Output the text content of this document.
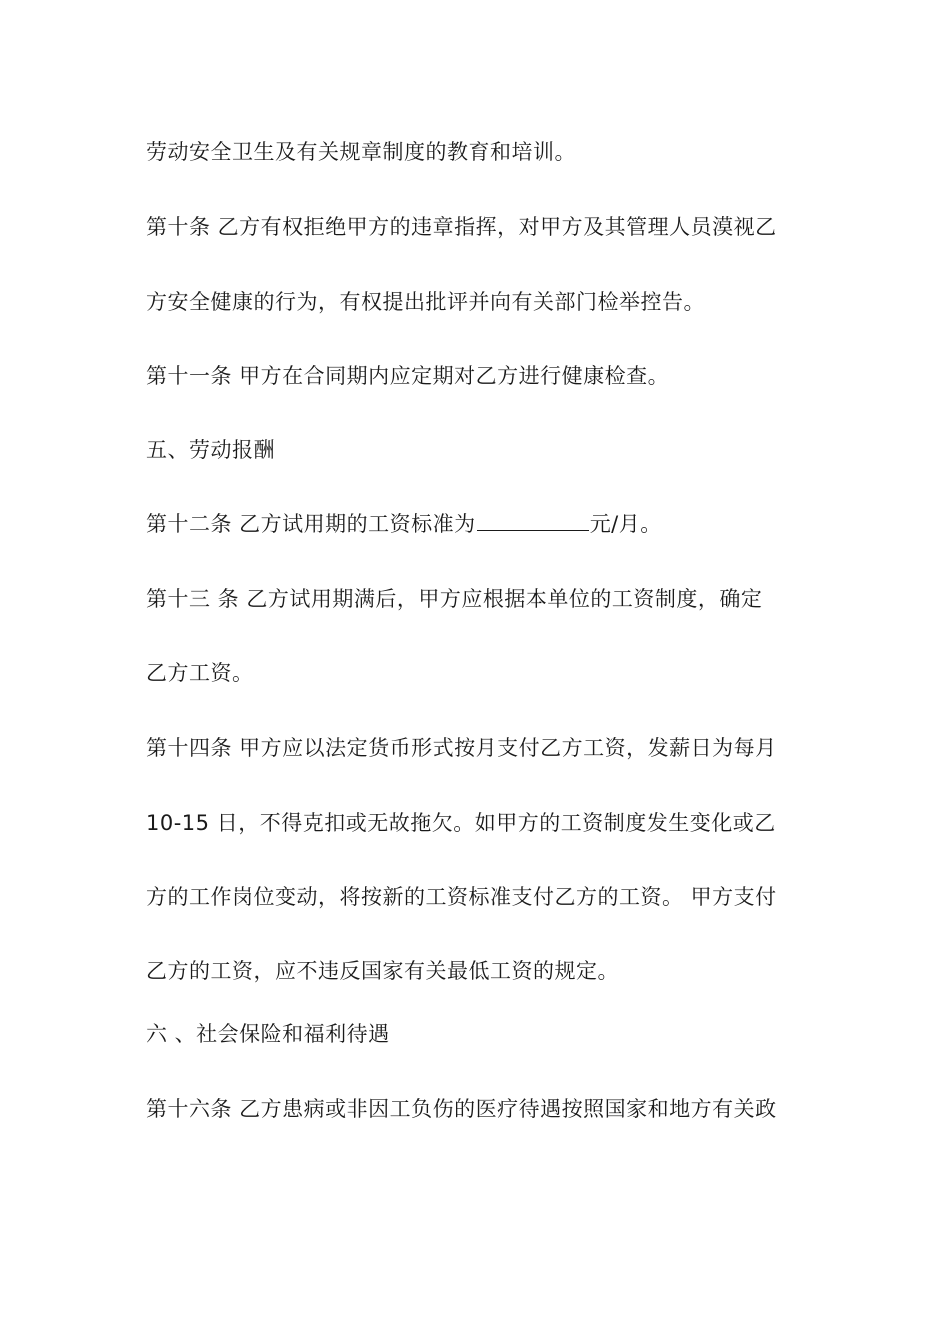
劳动安全卫生及有关规章制度的教育和培训。

第十条 乙方有权拒绝甲方的违章指挥，对甲方及其管理人员漠视乙

方安全健康的行为，有权提出批评并向有关部门检举控告。

第十一条 甲方在合同期内应定期对乙方进行健康检查。

五、劳动报酬

第十二条 乙方试用期的工资标准为	元/月。

第十三 条 乙方试用期满后，甲方应根据本单位的工资制度，确定

乙方工资。

第十四条 甲方应以法定货币形式按月支付乙方工资，发薪日为每月

10-15 日，不得克扣或无故拖欠。如甲方的工资制度发生变化或乙

方的工作岗位变动，将按新的工资标准支付乙方的工资。 甲方支付

乙方的工资，应不违反国家有关最低工资的规定。

六 、社会保险和福利待遇

第十六条 乙方患病或非因工负伤的医疗待遇按照国家和地方有关政
